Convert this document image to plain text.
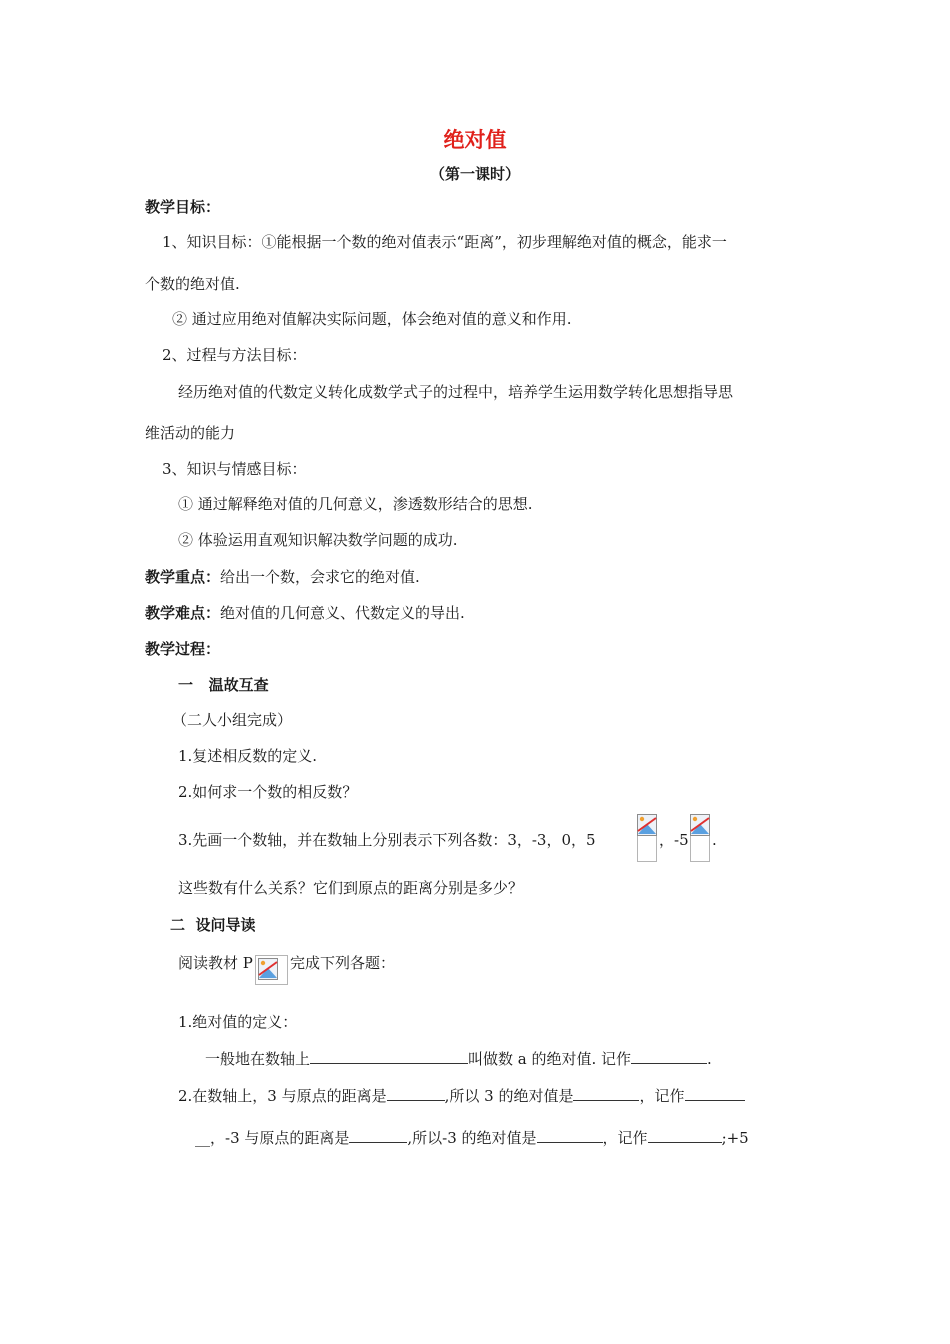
绝对值
（第一课时）
教学目标：
1、知识目标：①能根据一个数的绝对值表示“距离”，初步理解绝对值的概念，能求一
个数的绝对值.
② 通过应用绝对值解决实际问题，体会绝对值的意义和作用.
2、过程与方法目标：
经历绝对值的代数定义转化成数学式子的过程中，培养学生运用数学转化思想指导思
维活动的能力
3、知识与情感目标：
① 通过解释绝对值的几何意义，渗透数形结合的思想.
② 体验运用直观知识解决数学问题的成功.
教学重点：给出一个数，会求它的绝对值.
教学难点：绝对值的几何意义、代数定义的导出.
教学过程：
一   温故互查
（二人小组完成）
1.复述相反数的定义.
2.如何求一个数的相反数？
3.先画一个数轴，并在数轴上分别表示下列各数：3，-3，0，5	，-5 .
这些数有什么关系？它们到原点的距离分别是多少？
二  设问导读
阅读教材 P 完成下列各题：
1.绝对值的定义：
一般地在数轴上	叫做数 a 的绝对值. 记作	.
2.在数轴上，3 与原点的距离是	,所以 3 的绝对值是	，记作
__，-3 与原点的距离是	,所以-3 的绝对值是	，记作	;+5
